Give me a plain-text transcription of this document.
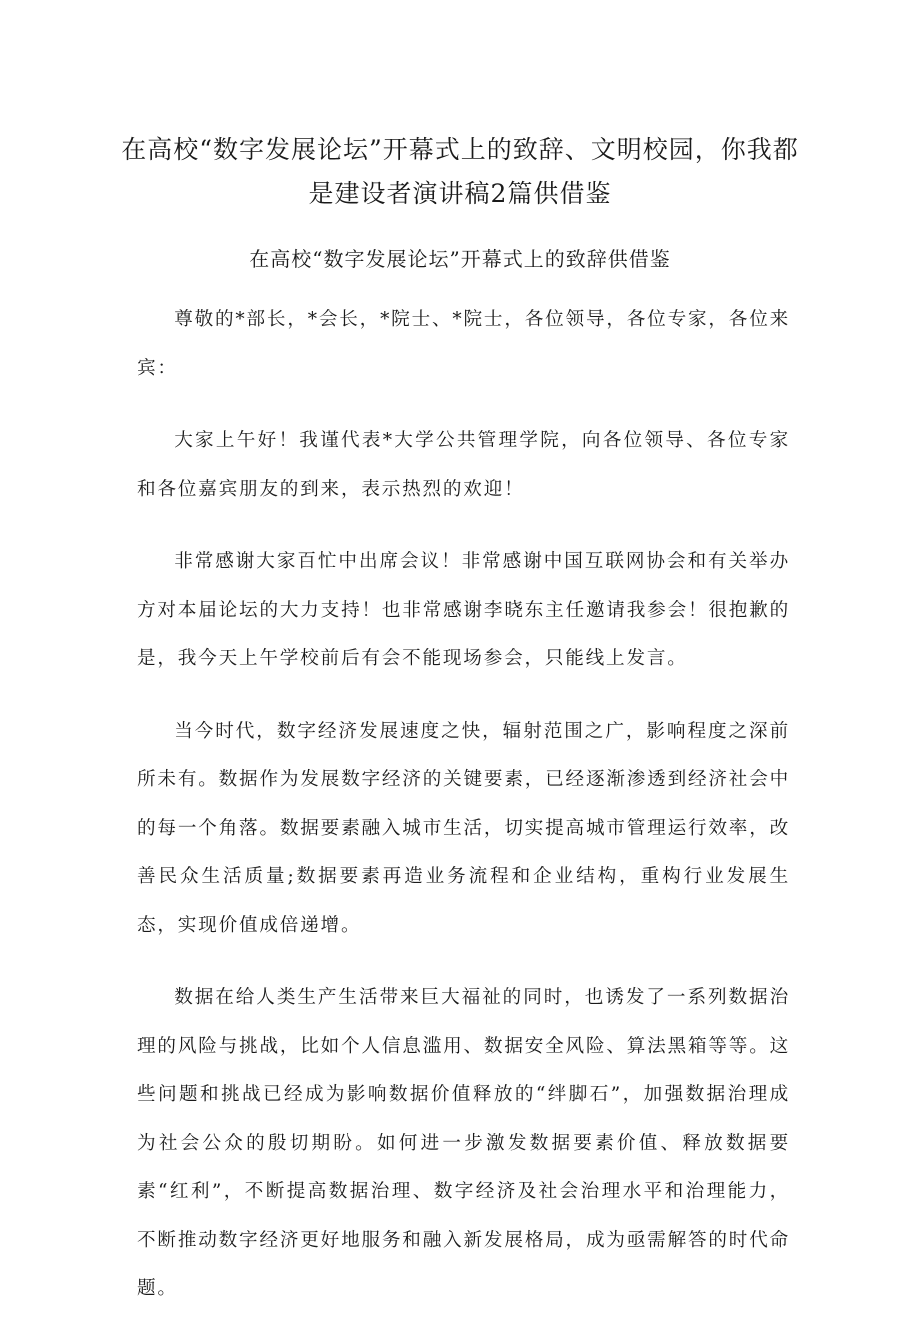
在高校“数字发展论坛”开幕式上的致辞、文明校园，你我都是建设者演讲稿2篇供借鉴
在高校“数字发展论坛”开幕式上的致辞供借鉴

尊敬的*部长，*会长，*院士、*院士，各位领导，各位专家，各位来宾：

大家上午好！我谨代表*大学公共管理学院，向各位领导、各位专家和各位嘉宾朋友的到来，表示热烈的欢迎！

非常感谢大家百忙中出席会议！非常感谢中国互联网协会和有关举办方对本届论坛的大力支持！也非常感谢李晓东主任邀请我参会！很抱歉的是，我今天上午学校前后有会不能现场参会，只能线上发言。

当今时代，数字经济发展速度之快，辐射范围之广，影响程度之深前所未有。数据作为发展数字经济的关键要素，已经逐渐渗透到经济社会中的每一个角落。数据要素融入城市生活，切实提高城市管理运行效率，改善民众生活质量;数据要素再造业务流程和企业结构，重构行业发展生态，实现价值成倍递增。

数据在给人类生产生活带来巨大福祉的同时，也诱发了一系列数据治理的风险与挑战，比如个人信息滥用、数据安全风险、算法黑箱等等。这些问题和挑战已经成为影响数据价值释放的“绊脚石”，加强数据治理成为社会公众的殷切期盼。如何进一步激发数据要素价值、释放数据要素“红利”，不断提高数据治理、数字经济及社会治理水平和治理能力，不断推动数字经济更好地服务和融入新发展格局，成为亟需解答的时代命题。
